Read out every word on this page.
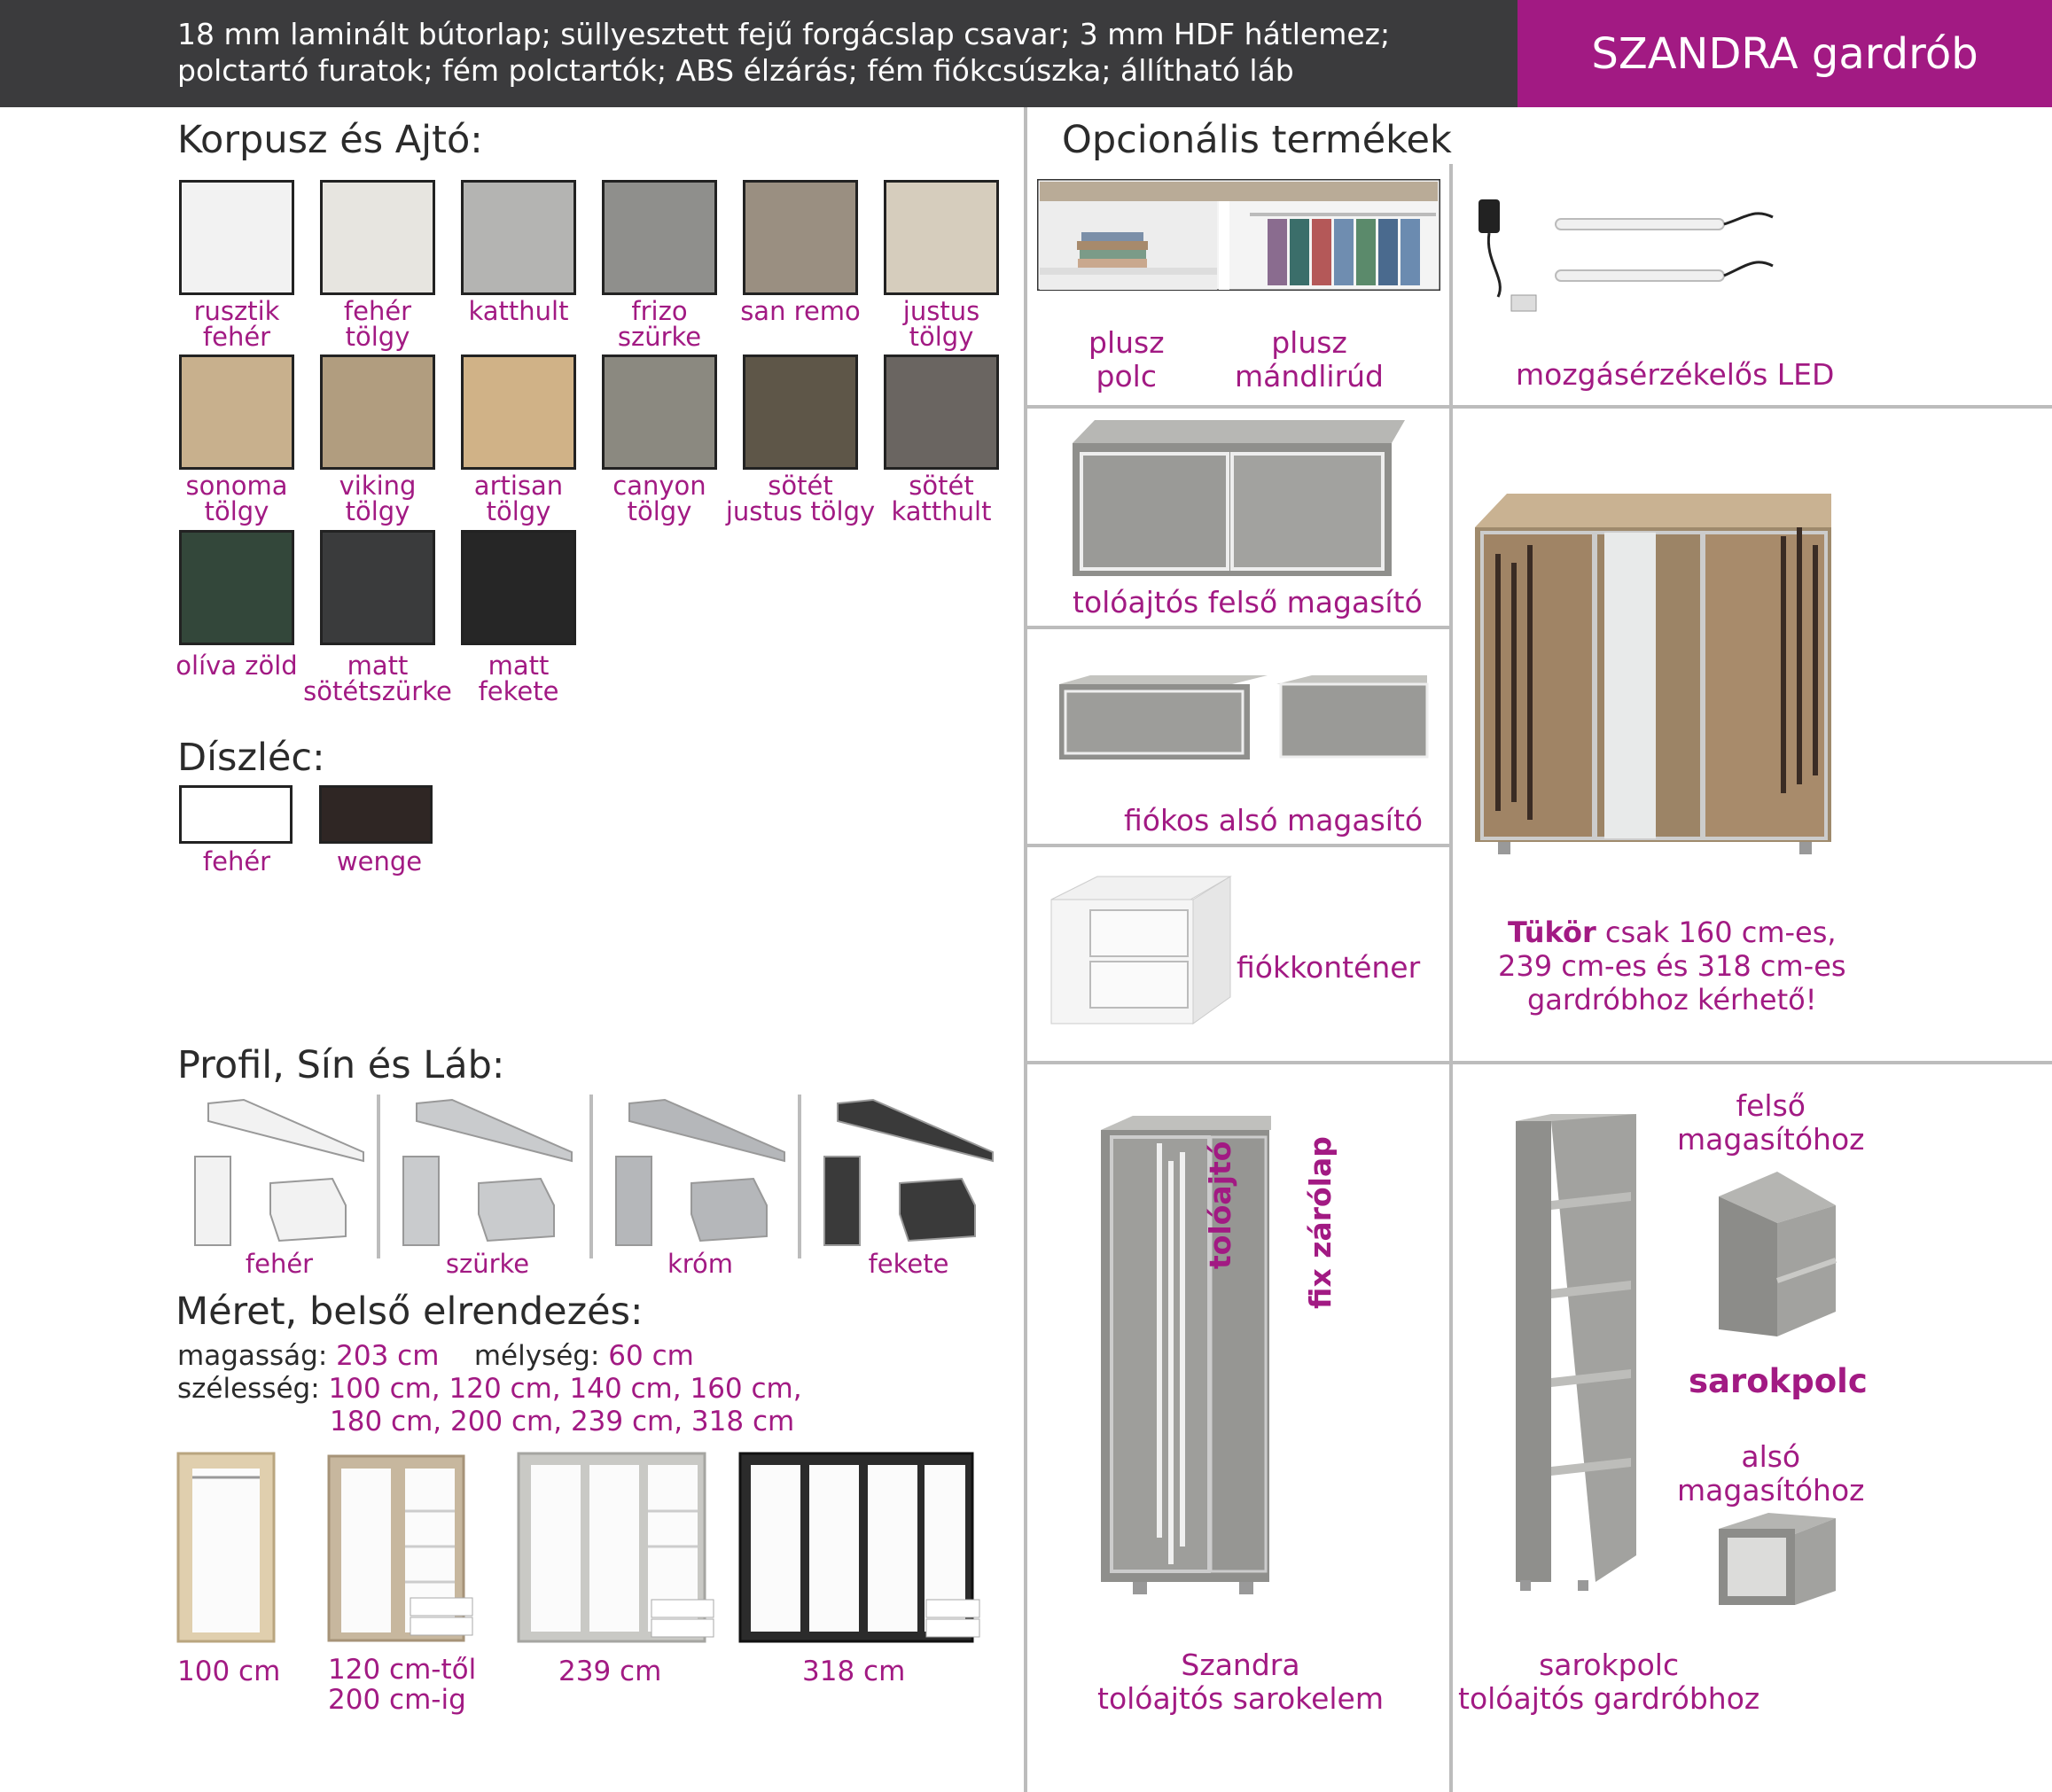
18 mm laminált bútorlap; süllyesztett fejű forgácslap csavar; 3 mm HDF hátlemez;
polctartó furatok; fém polctartók; ABS élzárás; fém fiókcsúszka; állítható láb	SZANDRA gardrób
Korpusz és Ajtó:
rusztik
fehér
fehér
tölgy
katthult	frizo
szürke
san remo	justus
tölgy
sonoma
tölgy
viking
tölgy
artisan
tölgy
canyon
tölgy
sötét
justus tölgy
sötét
katthult
olíva zöld	matt
sötétszürke
matt
fekete
Díszléc:
fehér	wenge
Profil, Sín és Láb:
fehér	szürke	króm	fekete
Méret, belső elrendezés:
magasság: 203 cm mélység: 60 cm
szélesség: 100 cm, 120 cm, 140 cm, 160 cm,
180 cm, 200 cm, 239 cm, 318 cm
100 cm 120 cm-től
200 cm-ig
239 cm	318 cm
Opcionális termékek
plusz
polc
plusz
mándlirúd	mozgásérzékelős LED
tolóajtós felső magasító
fiókos alsó magasító
fiókkonténer
Tükör csak 160 cm-es,
239 cm-es és 318 cm-es
gardróbhoz kérhető!
tolóajtó fix zárólap
Szandra
tolóajtós sarokelem
felső
magasítóhoz
sarokpolc
alsó
magasítóhoz
sarokpolc
tolóajtós gardróbhoz
